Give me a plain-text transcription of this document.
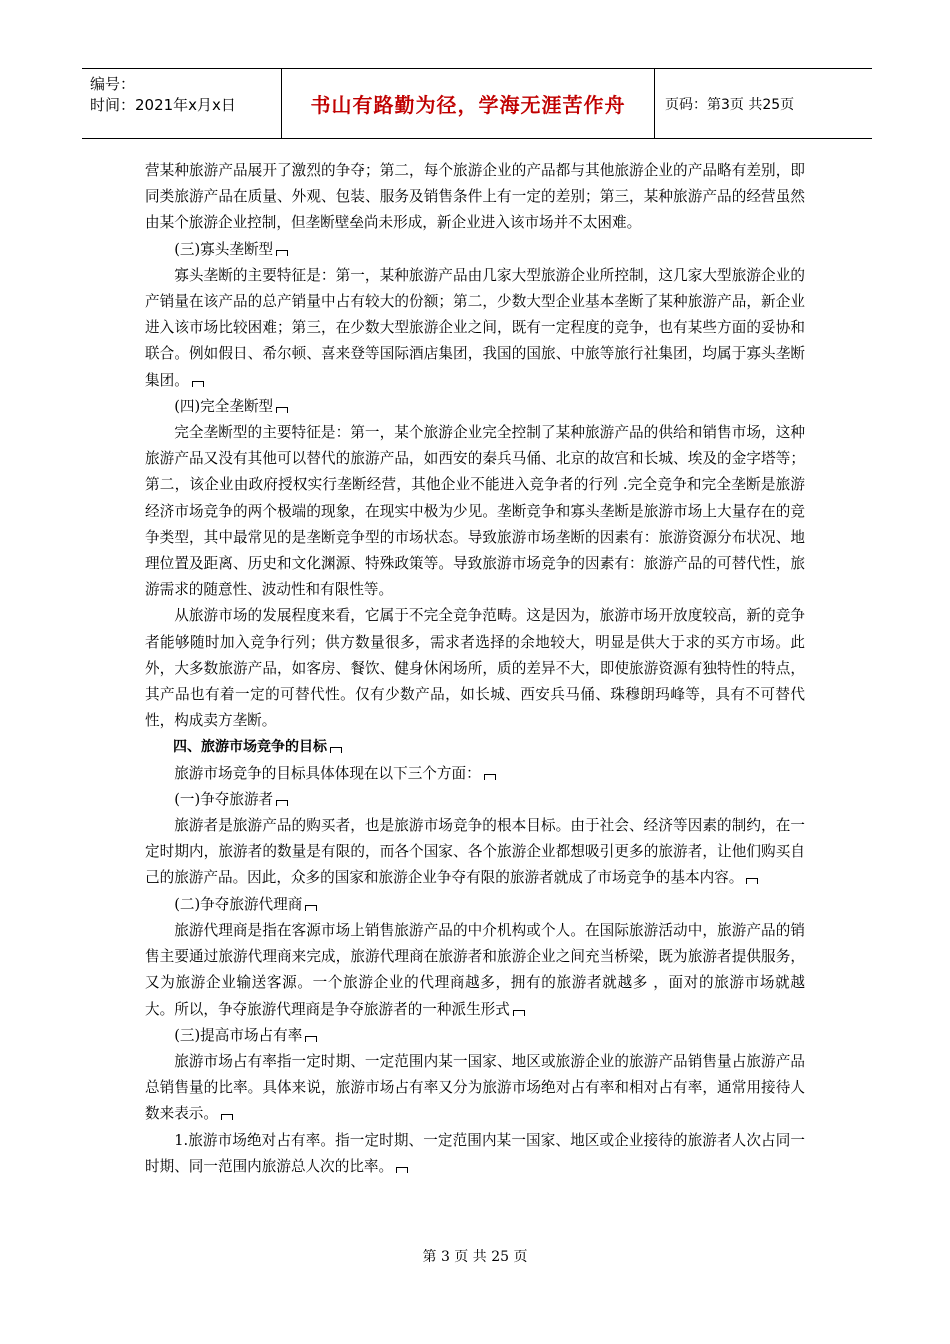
编号：
时间：2021年x月x日	书山有路勤为径，学海无涯苦作舟	页码：第3页 共25页

营某种旅游产品展开了激烈的争夺；第二，每个旅游企业的产品都与其他旅游企业的产品略有差别，即同类旅游产品在质量、外观、包装、服务及销售条件上有一定的差别；第三，某种旅游产品的经营虽然由某个旅游企业控制，但垄断壁垒尚未形成，新企业进入该市场并不太困难。

(三)寡头垄断型

寡头垄断的主要特征是：第一，某种旅游产品由几家大型旅游企业所控制，这几家大型旅游企业的产销量在该产品的总产销量中占有较大的份额；第二，少数大型企业基本垄断了某种旅游产品，新企业进入该市场比较困难；第三，在少数大型旅游企业之间，既有一定程度的竞争，也有某些方面的妥协和联合。例如假日、希尔顿、喜来登等国际酒店集团，我国的国旅、中旅等旅行社集团，均属于寡头垄断集团。

(四)完全垄断型

完全垄断型的主要特征是：第一，某个旅游企业完全控制了某种旅游产品的供给和销售市场，这种旅游产品又没有其他可以替代的旅游产品，如西安的秦兵马俑、北京的故宫和长城、埃及的金字塔等；第二，该企业由政府授权实行垄断经营，其他企业不能进入竞争者的行列 .完全竞争和完全垄断是旅游经济市场竞争的两个极端的现象，在现实中极为少见。垄断竞争和寡头垄断是旅游市场上大量存在的竞争类型，其中最常见的是垄断竞争型的市场状态。导致旅游市场垄断的因素有：旅游资源分布状况、地理位置及距离、历史和文化渊源、特殊政策等。导致旅游市场竞争的因素有：旅游产品的可替代性，旅游需求的随意性、波动性和有限性等。

从旅游市场的发展程度来看，它属于不完全竞争范畴。这是因为，旅游市场开放度较高，新的竞争者能够随时加入竞争行列；供方数量很多，需求者选择的余地较大，明显是供大于求的买方市场。此外，大多数旅游产品，如客房、餐饮、健身休闲场所，质的差异不大，即使旅游资源有独特性的特点，其产品也有着一定的可替代性。仅有少数产品，如长城、西安兵马俑、珠穆朗玛峰等，具有不可替代性，构成卖方垄断。

四、旅游市场竞争的目标

旅游市场竞争的目标具体体现在以下三个方面：

(一)争夺旅游者

旅游者是旅游产品的购买者，也是旅游市场竞争的根本目标。由于社会、经济等因素的制约，在一定时期内，旅游者的数量是有限的，而各个国家、各个旅游企业都想吸引更多的旅游者，让他们购买自己的旅游产品。因此，众多的国家和旅游企业争夺有限的旅游者就成了市场竞争的基本内容。

(二)争夺旅游代理商

旅游代理商是指在客源市场上销售旅游产品的中介机构或个人。在国际旅游活动中，旅游产品的销售主要通过旅游代理商来完成，旅游代理商在旅游者和旅游企业之间充当桥梁，既为旅游者提供服务，又为旅游企业输送客源。一个旅游企业的代理商越多，拥有的旅游者就越多 ，面对的旅游市场就越大。所以，争夺旅游代理商是争夺旅游者的一种派生形式

(三)提高市场占有率

旅游市场占有率指一定时期、一定范围内某一国家、地区或旅游企业的旅游产品销售量占旅游产品总销售量的比率。具体来说，旅游市场占有率又分为旅游市场绝对占有率和相对占有率，通常用接待人数来表示。

1.旅游市场绝对占有率。指一定时期、一定范围内某一国家、地区或企业接待的旅游者人次占同一时期、同一范围内旅游总人次的比率。

第 3 页 共 25 页
